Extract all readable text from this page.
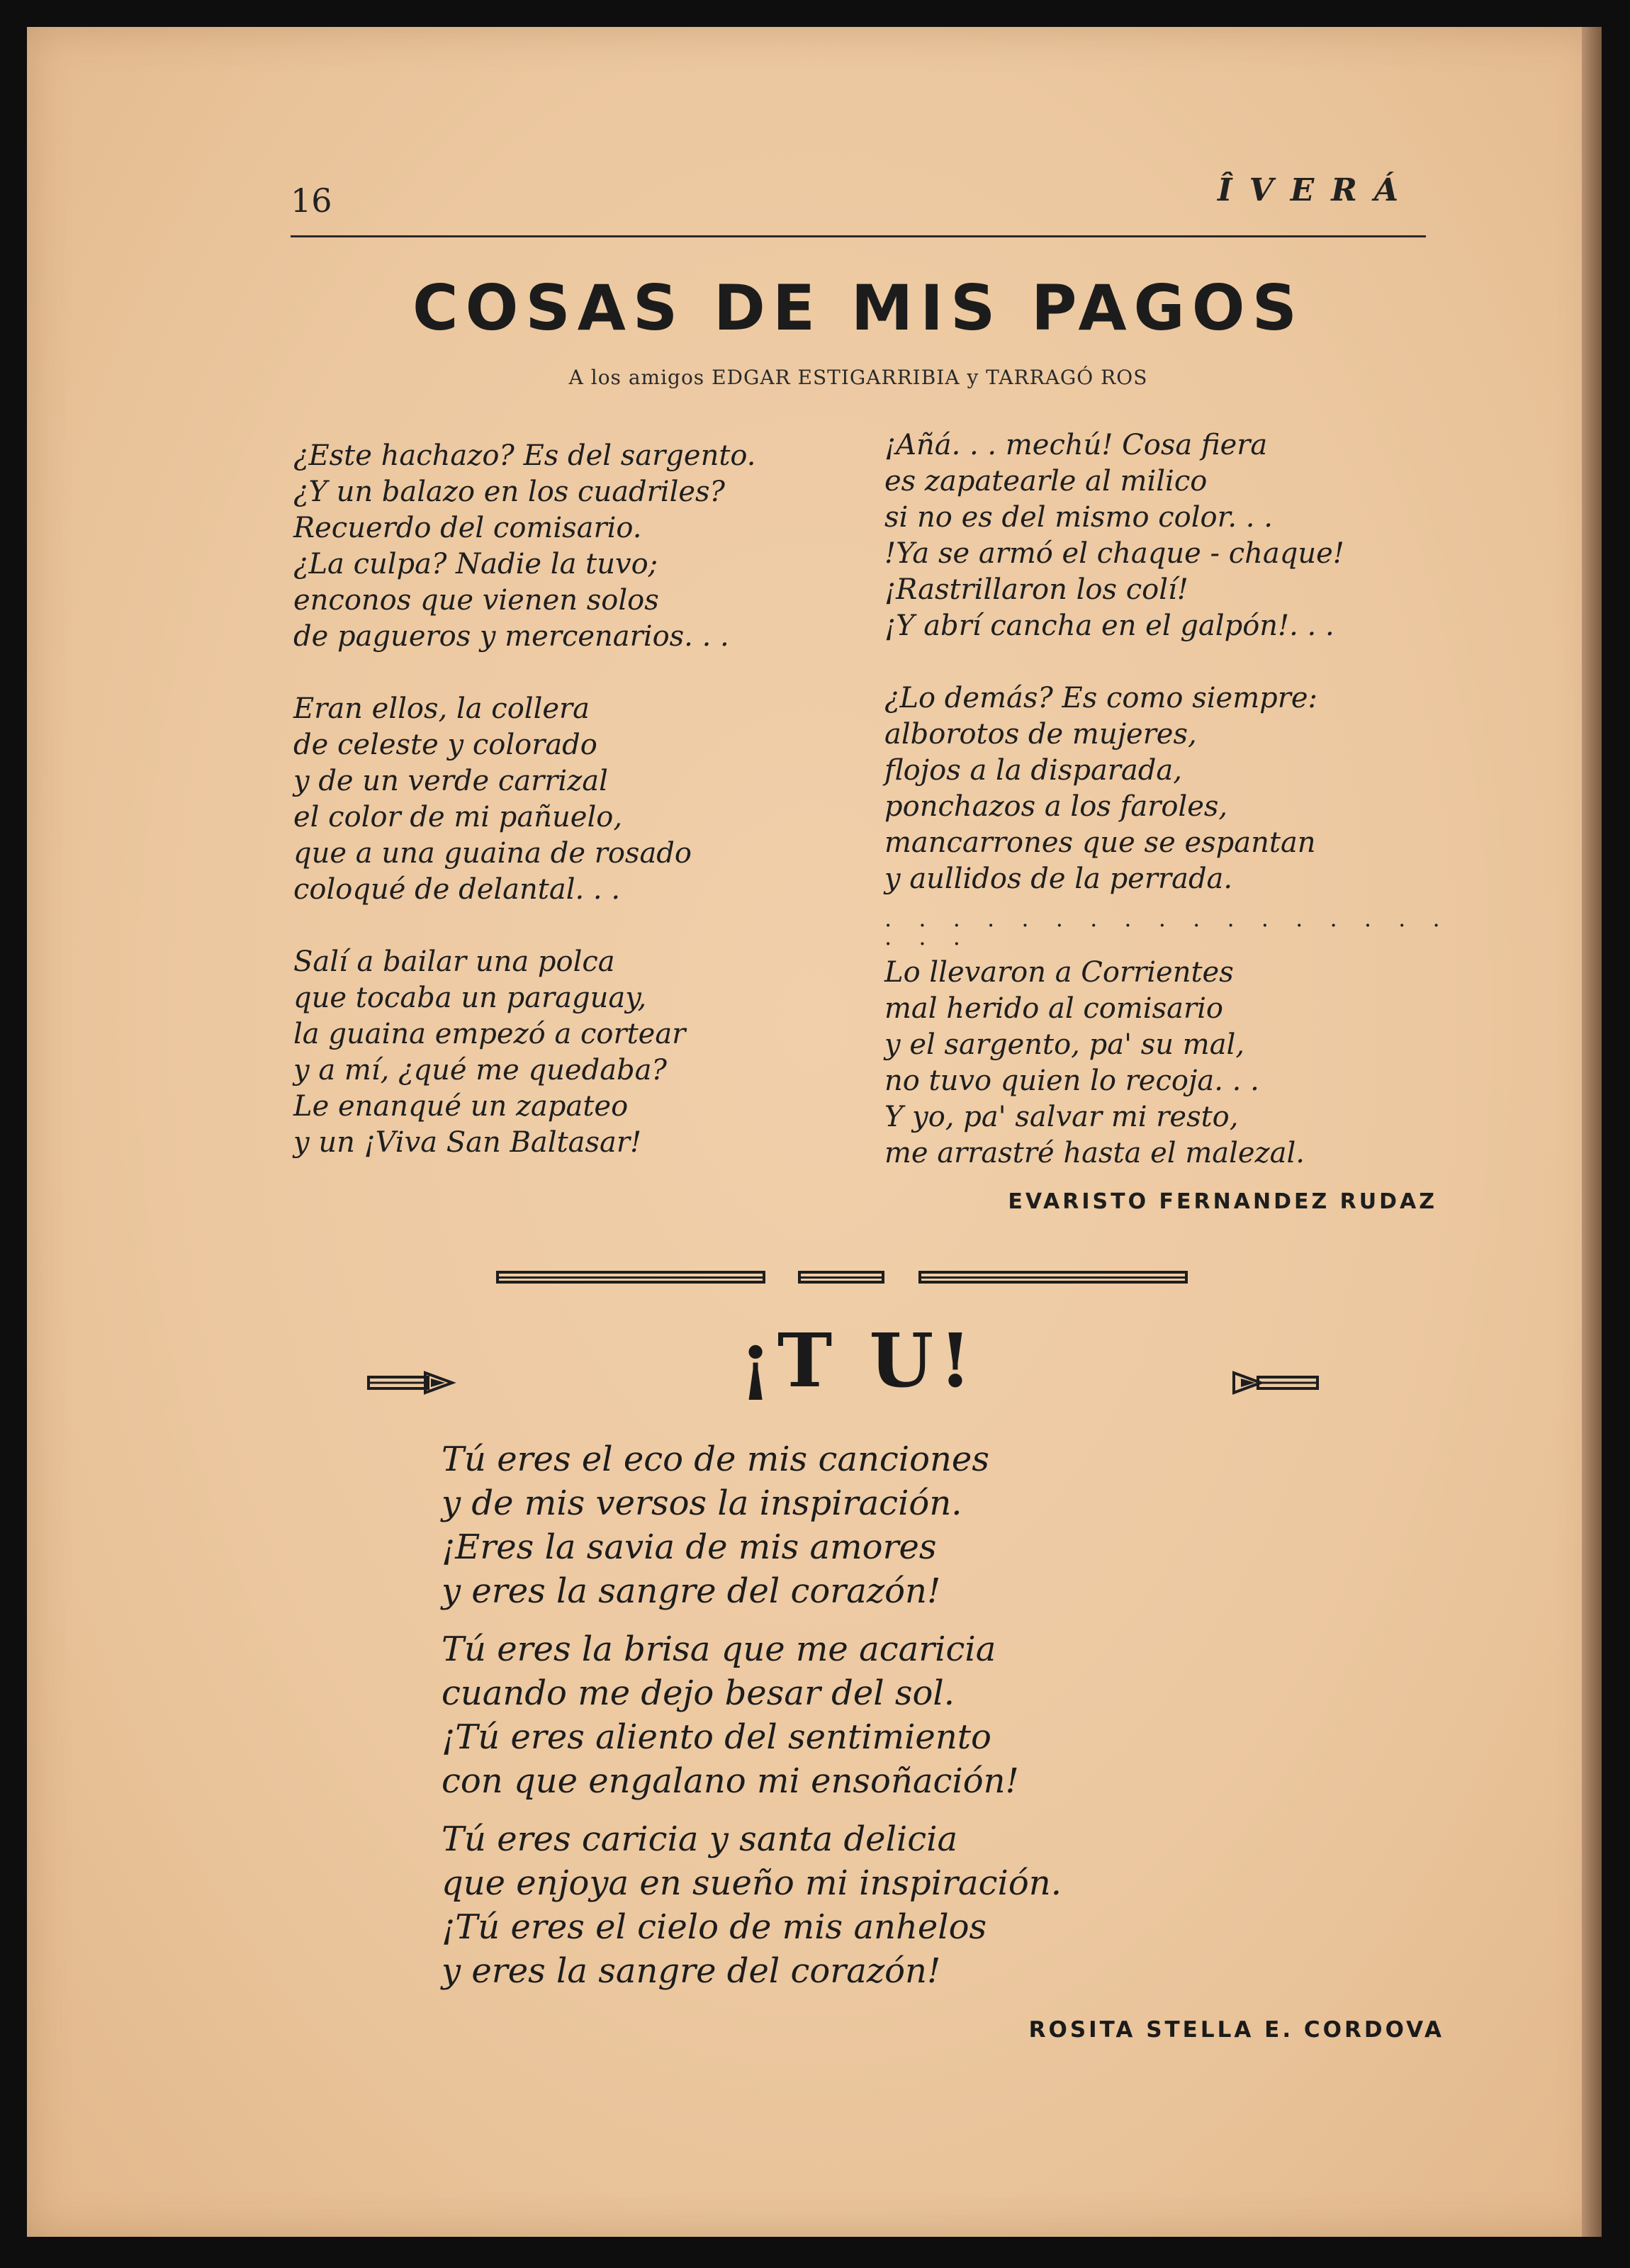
16	ÎVERÁ
COSAS DE MIS PAGOS
A los amigos EDGAR ESTIGARRIBIA y TARRAGÓ ROS
¿Este hachazo? Es del sargento.
¿Y un balazo en los cuadriles?
Recuerdo del comisario.
¿La culpa? Nadie la tuvo;
enconos que vienen solos
de pagueros y mercenarios. . .
Eran ellos, la collera
de celeste y colorado
y de un verde carrizal
el color de mi pañuelo,
que a una guaina de rosado
coloqué de delantal. . .
Salí a bailar una polca
que tocaba un paraguay,
la guaina empezó a cortear
y a mí, ¿qué me quedaba?
Le enanqué un zapateo
y un ¡Viva San Baltasar!
¡Añá. . . mechú! Cosa fiera
es zapatearle al milico
si no es del mismo color. . .
!Ya se armó el chaque - chaque!
¡Rastrillaron los colí!
¡Y abrí cancha en el galpón!. . .
¿Lo demás? Es como siempre:
alborotos de mujeres,
flojos a la disparada,
ponchazos a los faroles,
mancarrones que se espantan
y aullidos de la perrada.
. . . . . . . . . . . . . . . . . . . .
Lo llevaron a Corrientes
mal herido al comisario
y el sargento, pa' su mal,
no tuvo quien lo recoja. . .
Y yo, pa' salvar mi resto,
me arrastré hasta el malezal.
EVARISTO FERNANDEZ RUDAZ
¡T U!
Tú eres el eco de mis canciones
y de mis versos la inspiración.
¡Eres la savia de mis amores
y eres la sangre del corazón!
Tú eres la brisa que me acaricia
cuando me dejo besar del sol.
¡Tú eres aliento del sentimiento
con que engalano mi ensoñación!
Tú eres caricia y santa delicia
que enjoya en sueño mi inspiración.
¡Tú eres el cielo de mis anhelos
y eres la sangre del corazón!
ROSITA STELLA E. CORDOVA
